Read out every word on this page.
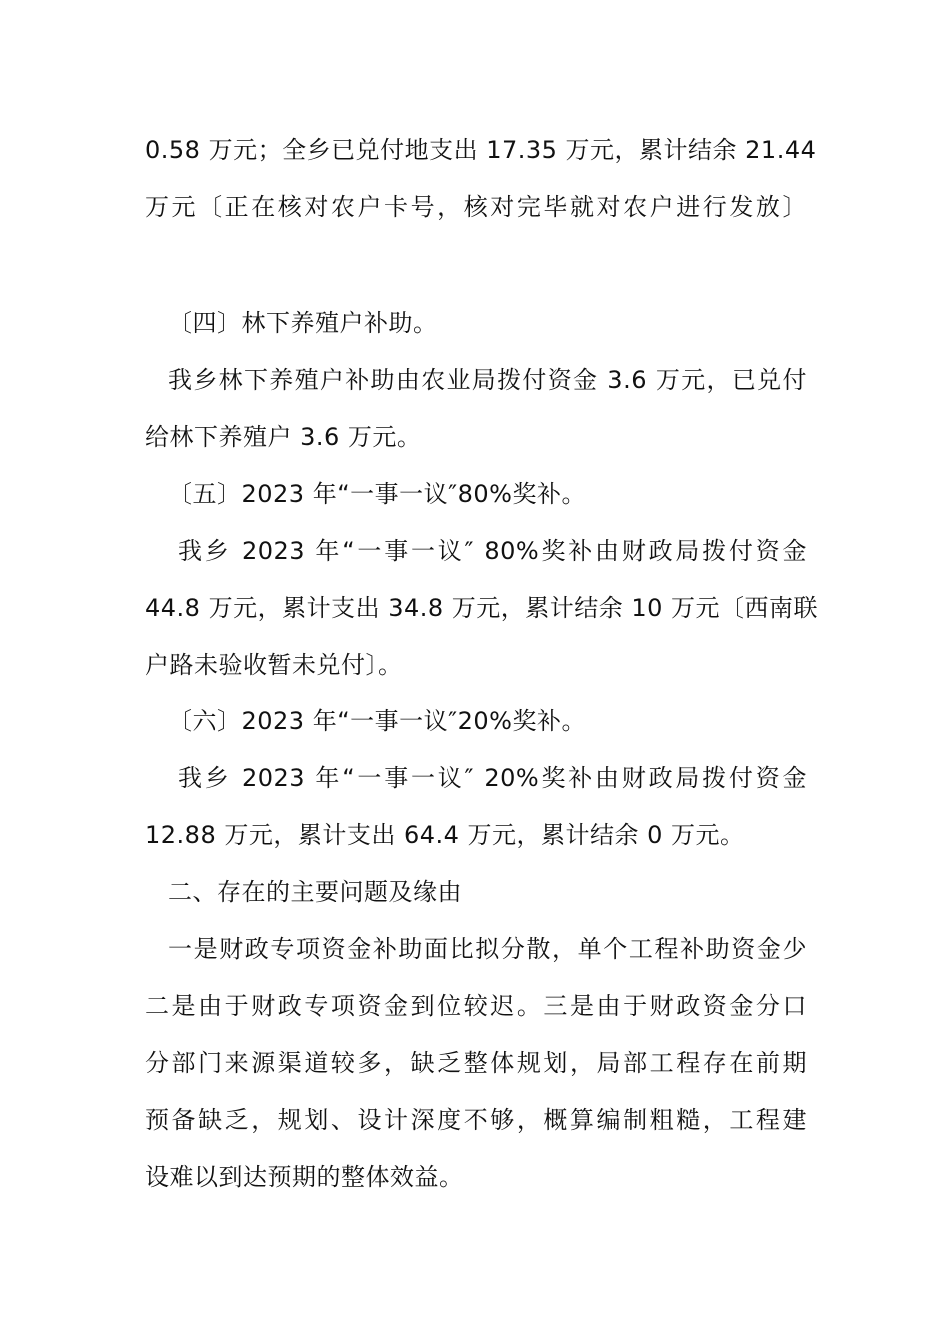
0.58 万元；全乡已兑付地支出 17.35 万元，累计结余 21.44
万元〔正在核对农户卡号，核对完毕就对农户进行发放〕
〔四〕林下养殖户补助。
我乡林下养殖户补助由农业局拨付资金 3.6 万元，已兑付
给林下养殖户 3.6 万元。
〔五〕2023 年“一事一议″80%奖补。
我乡 2023 年“一事一议″ 80%奖补由财政局拨付资金
44.8 万元，累计支出 34.8 万元，累计结余 10 万元〔西南联
户路未验收暂未兑付〕。
〔六〕2023 年“一事一议″20%奖补。
我乡 2023 年“一事一议″ 20%奖补由财政局拨付资金
12.88 万元，累计支出 64.4 万元，累计结余 0 万元。
二、存在的主要问题及缘由
一是财政专项资金补助面比拟分散，单个工程补助资金少
二是由于财政专项资金到位较迟。三是由于财政资金分口
分部门来源渠道较多，缺乏整体规划，局部工程存在前期
预备缺乏，规划、设计深度不够，概算编制粗糙，工程建
设难以到达预期的整体效益。
